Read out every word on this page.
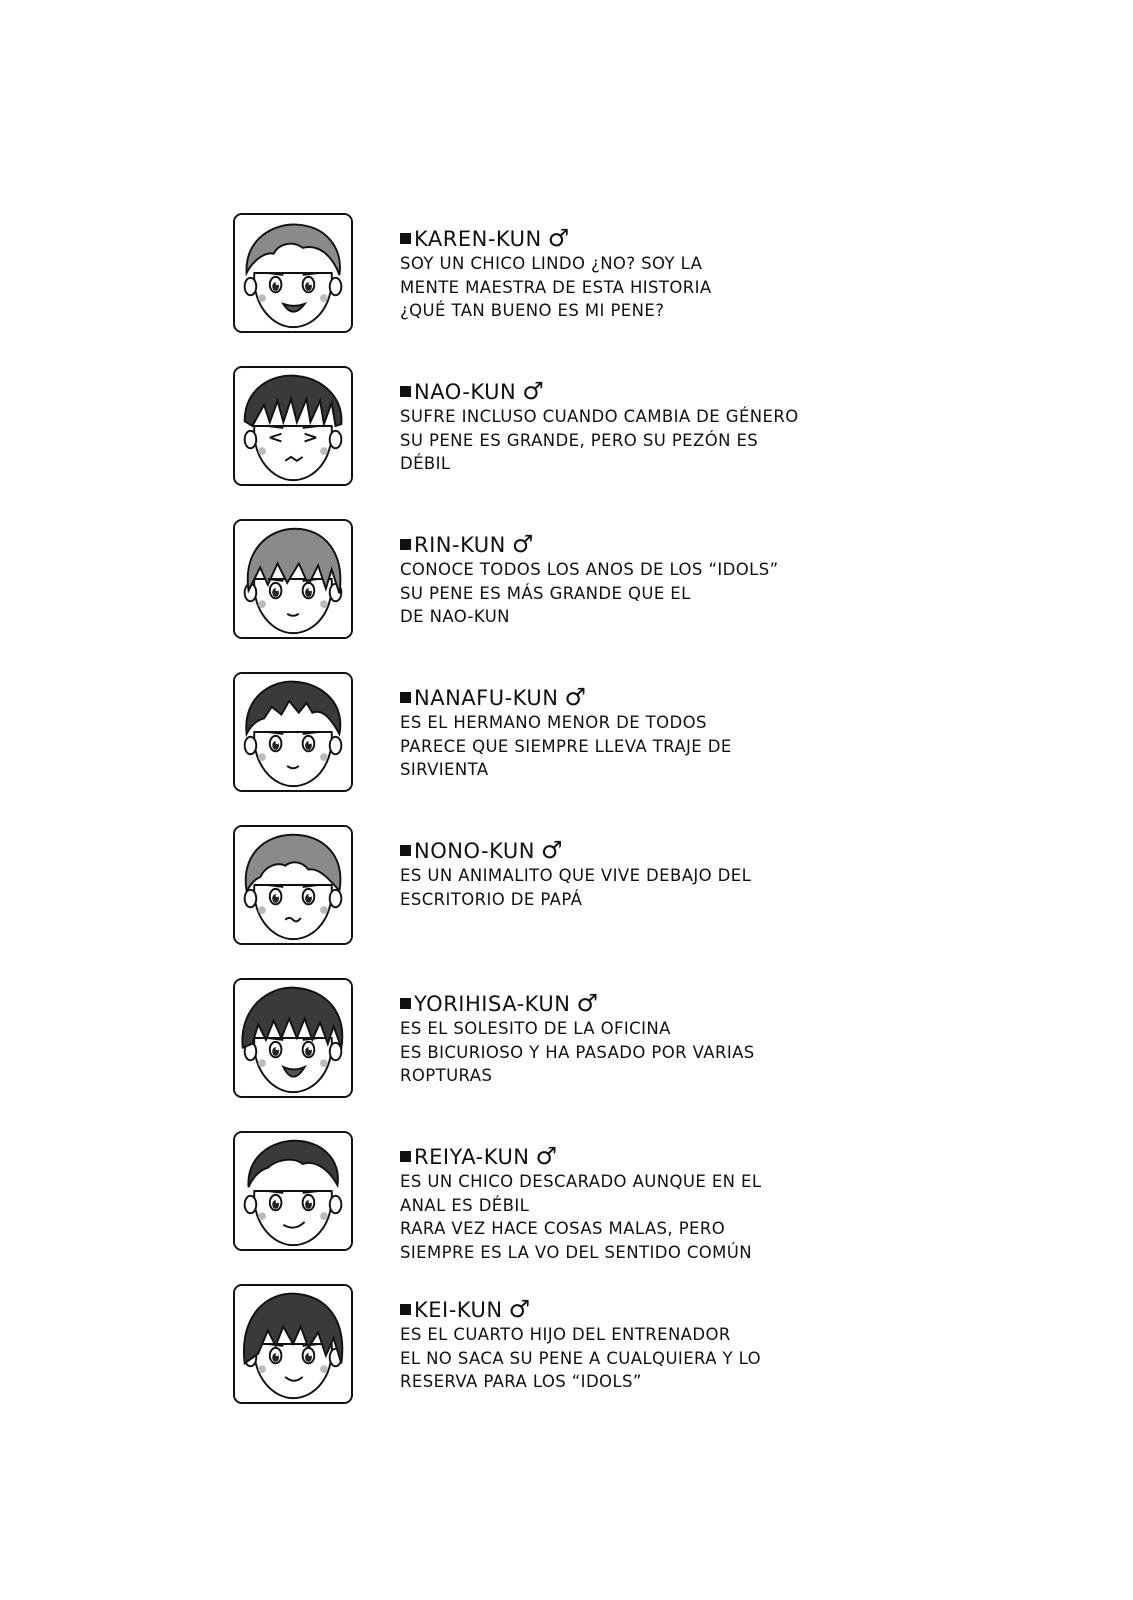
KAREN-KUN ♂
SOY UN CHICO LINDO ¿NO? SOY LA
MENTE MAESTRA DE ESTA HISTORIA
¿QUÉ TAN BUENO ES MI PENE?
NAO-KUN ♂
SUFRE INCLUSO CUANDO CAMBIA DE GÉNERO
SU PENE ES GRANDE, PERO SU PEZÓN ES
DÉBIL
RIN-KUN ♂
CONOCE TODOS LOS ANOS DE LOS “IDOLS”
SU PENE ES MÁS GRANDE QUE EL
DE NAO-KUN
NANAFU-KUN ♂
ES EL HERMANO MENOR DE TODOS
PARECE QUE SIEMPRE LLEVA TRAJE DE
SIRVIENTA
NONO-KUN ♂
ES UN ANIMALITO QUE VIVE DEBAJO DEL
ESCRITORIO DE PAPÁ
YORIHISA-KUN ♂
ES EL SOLESITO DE LA OFICINA
ES BICURIOSO Y HA PASADO POR VARIAS
ROPTURAS
REIYA-KUN ♂
ES UN CHICO DESCARADO AUNQUE EN EL
ANAL ES DÉBIL
RARA VEZ HACE COSAS MALAS, PERO
SIEMPRE ES LA VO DEL SENTIDO COMÚN
KEI-KUN ♂
ES EL CUARTO HIJO DEL ENTRENADOR
EL NO SACA SU PENE A CUALQUIERA Y LO
RESERVA PARA LOS “IDOLS”
